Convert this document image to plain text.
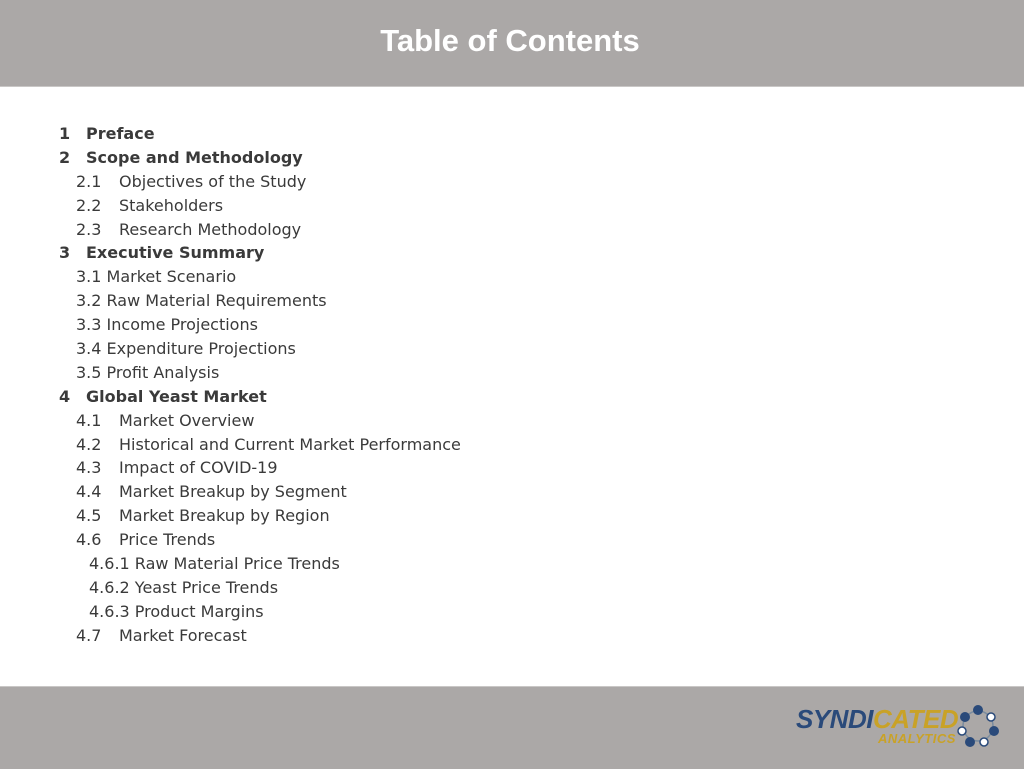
Table of Contents
1 Preface
2 Scope and Methodology
2.1 Objectives of the Study
2.2 Stakeholders
2.3 Research Methodology
3 Executive Summary
3.1 Market Scenario
3.2 Raw Material Requirements
3.3 Income Projections
3.4 Expenditure Projections
3.5 Profit Analysis
4 Global Yeast Market
4.1 Market Overview
4.2 Historical and Current Market Performance
4.3 Impact of COVID-19
4.4 Market Breakup by Segment
4.5 Market Breakup by Region
4.6 Price Trends
4.6.1 Raw Material Price Trends
4.6.2 Yeast Price Trends
4.6.3 Product Margins
4.7 Market Forecast
SYNDICATED
ANALYTICS
